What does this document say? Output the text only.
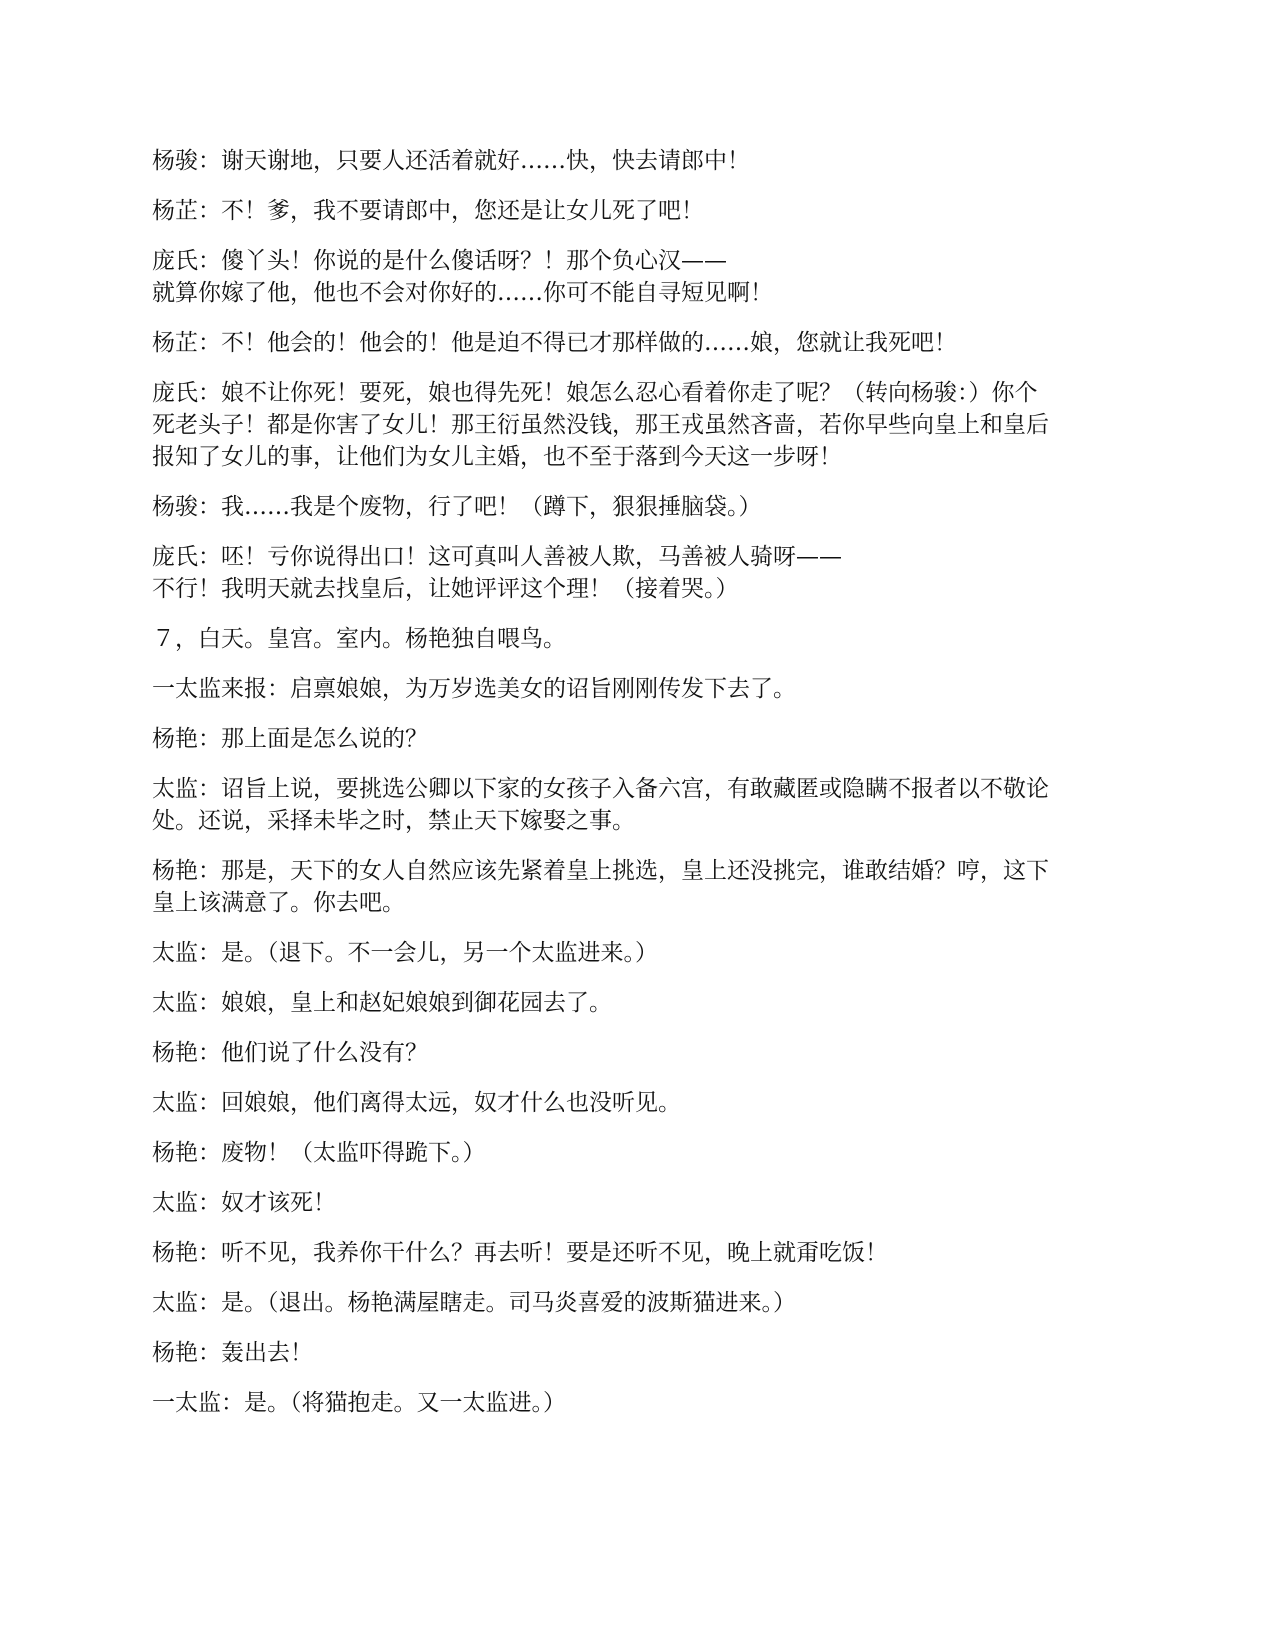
杨骏：谢天谢地，只要人还活着就好……快，快去请郎中！

杨芷：不！爹，我不要请郎中，您还是让女儿死了吧！

庞氏：傻丫头！你说的是什么傻话呀？！那个负心汉——
就算你嫁了他，他也不会对你好的……你可不能自寻短见啊！

杨芷：不！他会的！他会的！他是迫不得已才那样做的……娘，您就让我死吧！

庞氏：娘不让你死！要死，娘也得先死！娘怎么忍心看着你走了呢？（转向杨骏：）你个
死老头子！都是你害了女儿！那王衍虽然没钱，那王戎虽然吝啬，若你早些向皇上和皇后
报知了女儿的事，让他们为女儿主婚，也不至于落到今天这一步呀！

杨骏：我……我是个废物，行了吧！（蹲下，狠狠捶脑袋。）

庞氏：呸！亏你说得出口！这可真叫人善被人欺，马善被人骑呀——
不行！我明天就去找皇后，让她评评这个理！（接着哭。）

７，白天。皇宫。室内。杨艳独自喂鸟。

一太监来报：启禀娘娘，为万岁选美女的诏旨刚刚传发下去了。

杨艳：那上面是怎么说的？

太监：诏旨上说，要挑选公卿以下家的女孩子入备六宫，有敢藏匿或隐瞒不报者以不敬论
处。还说，采择未毕之时，禁止天下嫁娶之事。

杨艳：那是，天下的女人自然应该先紧着皇上挑选，皇上还没挑完，谁敢结婚？哼，这下
皇上该满意了。你去吧。

太监：是。（退下。不一会儿，另一个太监进来。）

太监：娘娘，皇上和赵妃娘娘到御花园去了。

杨艳：他们说了什么没有？

太监：回娘娘，他们离得太远，奴才什么也没听见。

杨艳：废物！（太监吓得跪下。）

太监：奴才该死！

杨艳：听不见，我养你干什么？再去听！要是还听不见，晚上就甭吃饭！

太监：是。（退出。杨艳满屋瞎走。司马炎喜爱的波斯猫进来。）

杨艳：轰出去！

一太监：是。（将猫抱走。又一太监进。）
